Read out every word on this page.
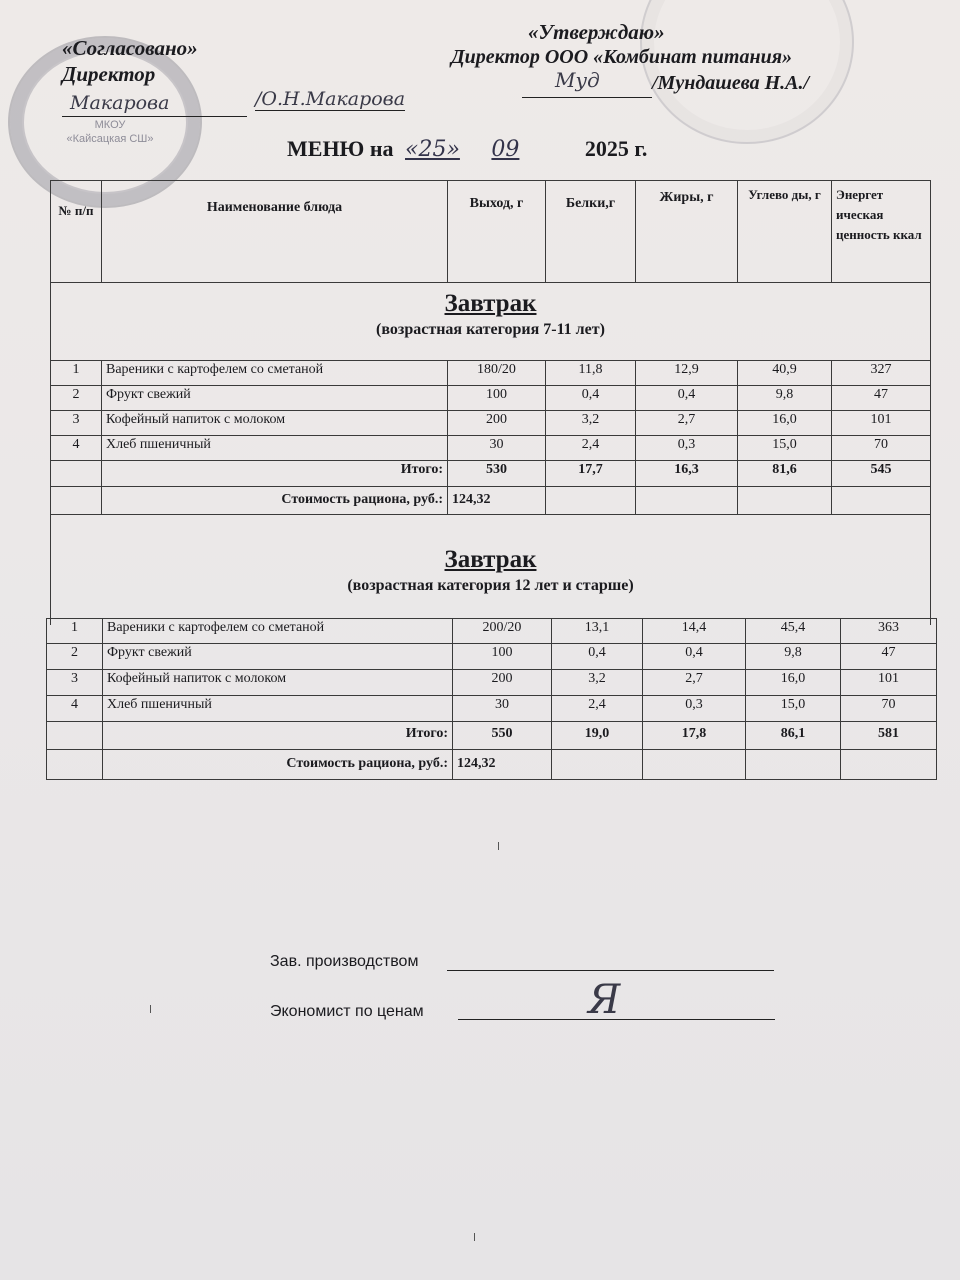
МКОУ
«Кайсацкая СШ»
«Согласовано»
Директор
Макарова	/О.Н.Макарова
«Утверждаю»
Директор ООО «Комбинат питания»
Муд	/Мундашева Н.А./
МЕНЮ на «25» 09	2025 г.
№ п/п	Наименование блюда	Выход, г	Белки,г	Жиры, г	Углево ды, г	Энергет ическая ценность ккал

Завтрак
(возрастная категория 7-11 лет)						

1	Вареники с картофелем со сметаной	180/20	11,8	12,9	40,9	327
2	Фрукт свежий	100	0,4	0,4	9,8	47
3	Кофейный напиток с молоком	200	3,2	2,7	16,0	101
4	Хлеб пшеничный	30	2,4	0,3	15,0	70
	Итого:	530	17,7	16,3	81,6	545
	Стоимость рациона, руб.:	124,32				

Завтрак
(возрастная категория 12 лет и старше)						
1	Вареники с картофелем со сметаной	200/20	13,1	14,4	45,4	363
2	Фрукт свежий	100	0,4	0,4	9,8	47
3	Кофейный напиток с молоком	200	3,2	2,7	16,0	101
4	Хлеб пшеничный	30	2,4	0,3	15,0	70
	Итого:	550	19,0	17,8	86,1	581
	Стоимость рациона, руб.:	124,32				
Зав. производством
Экономист по ценам	Я
